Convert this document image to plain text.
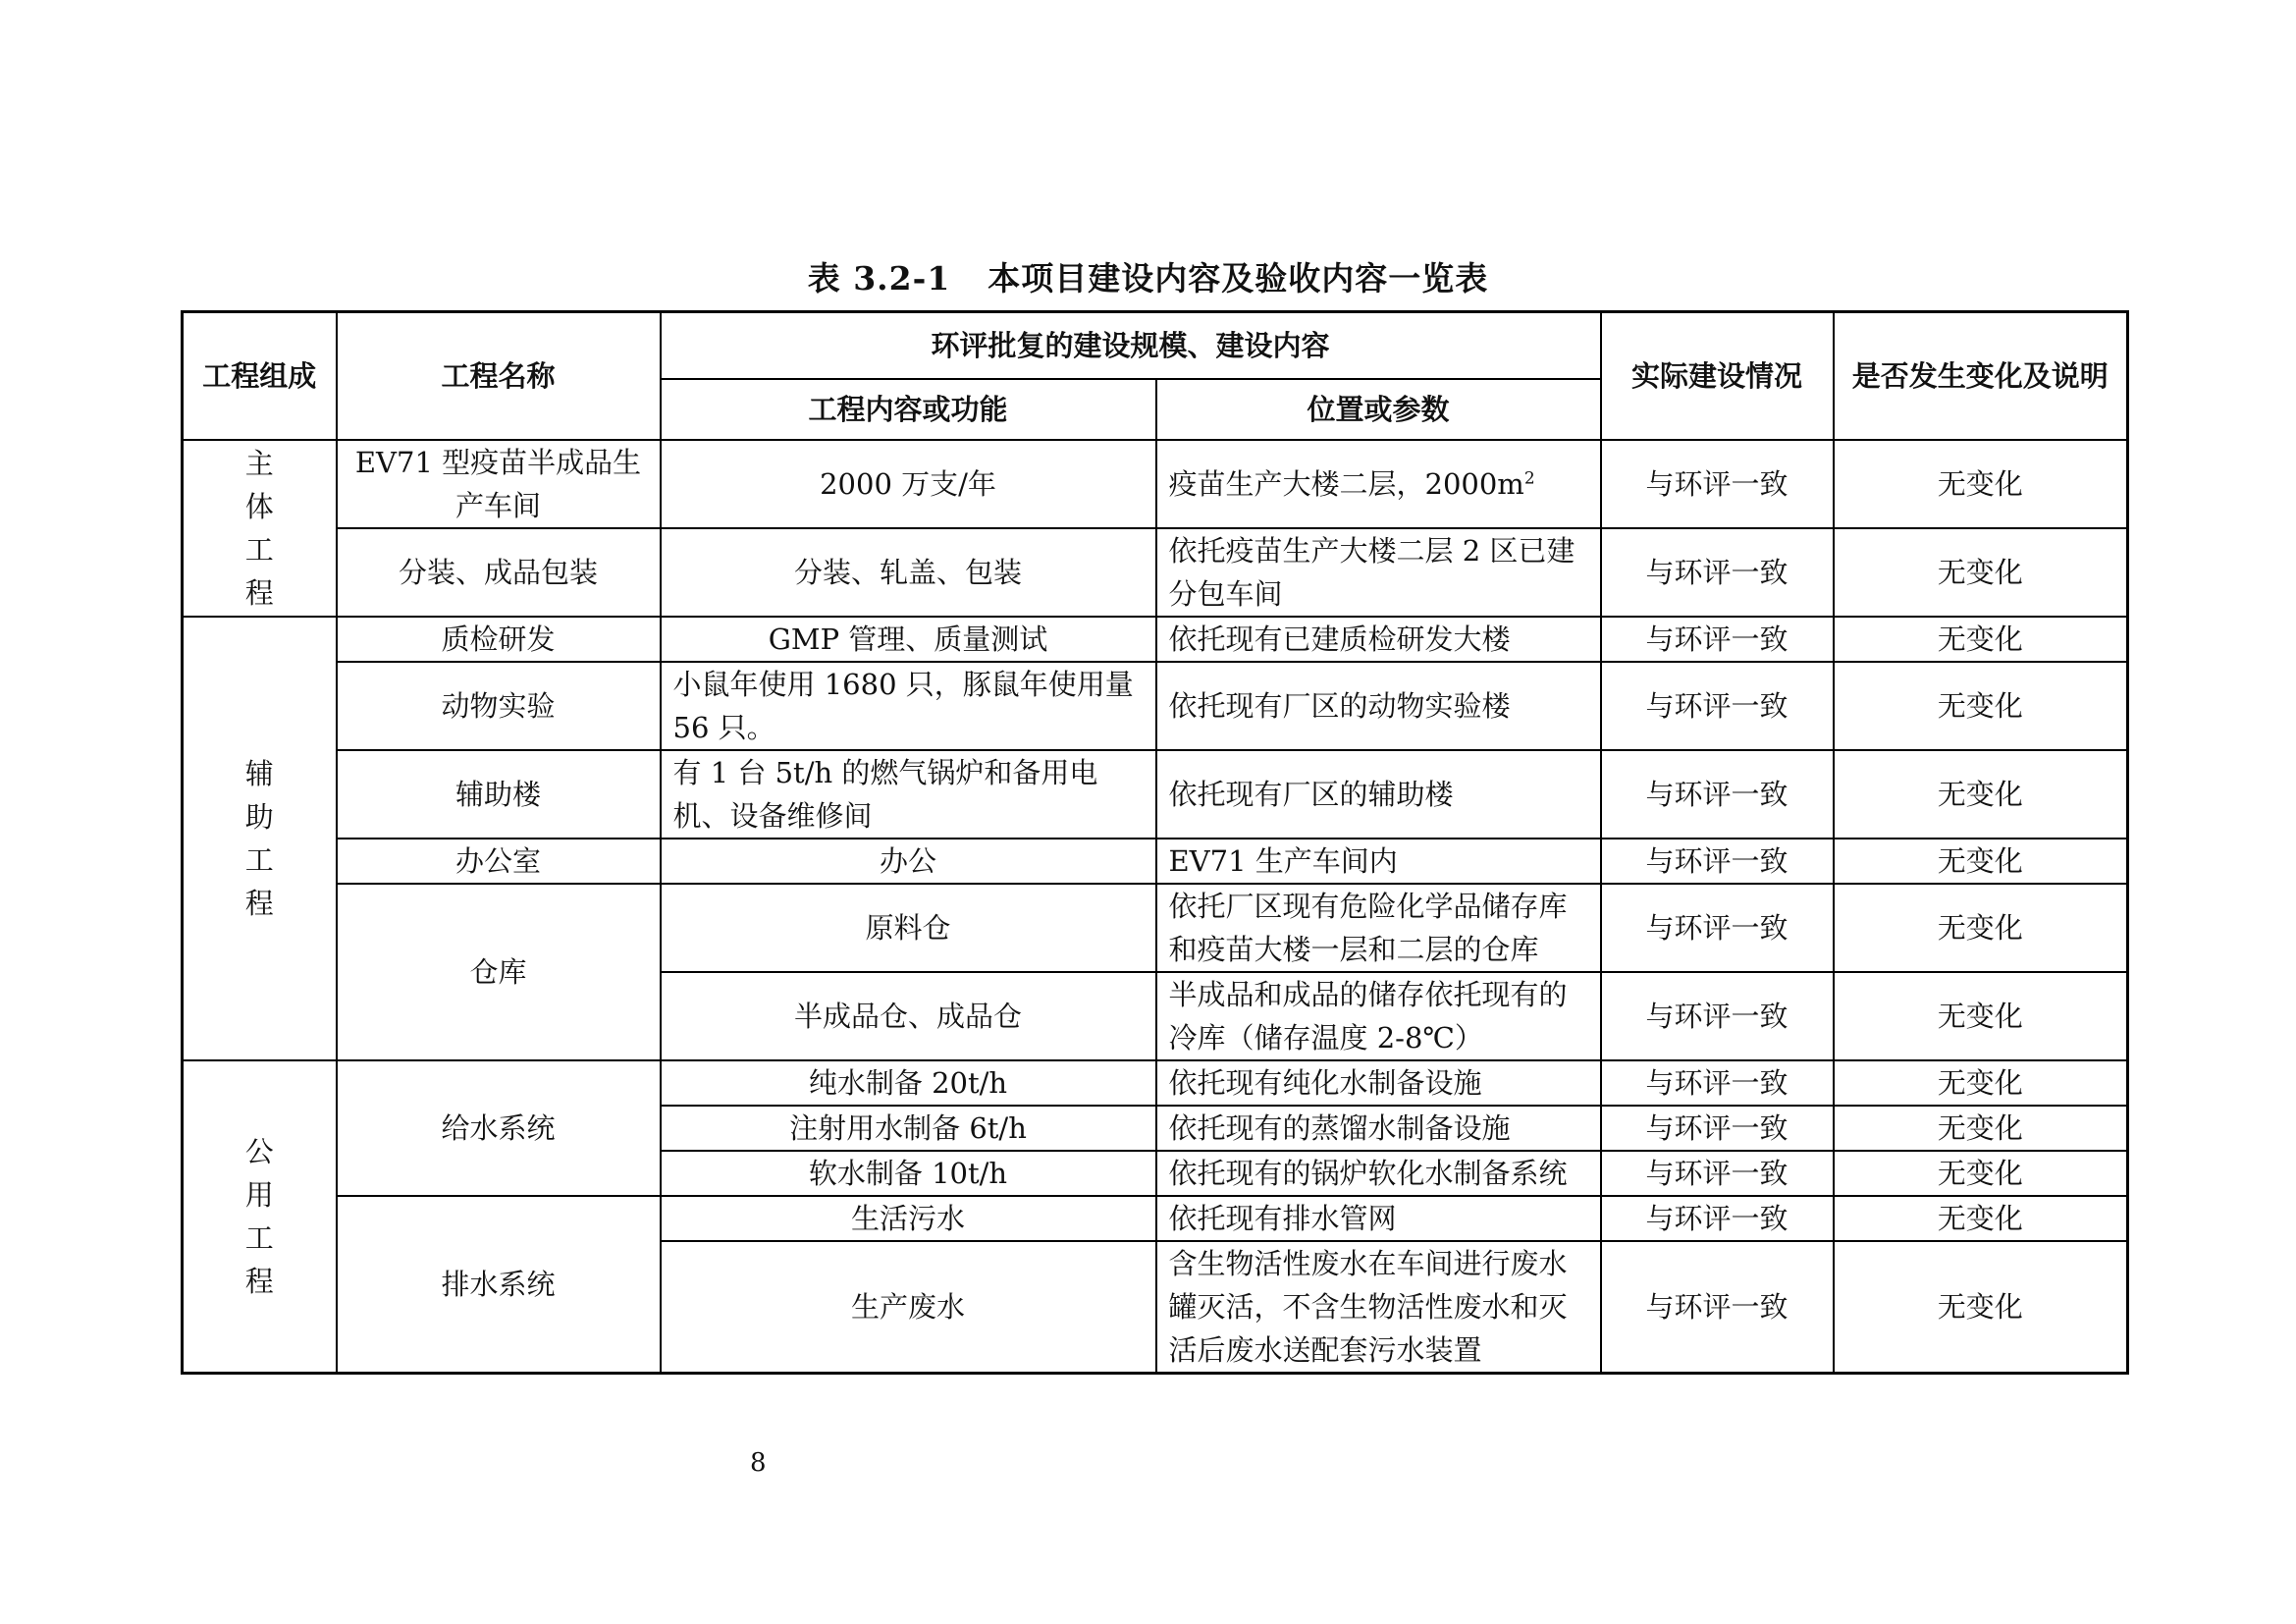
表 3.2-1 本项目建设内容及验收内容一览表
工程组成	工程名称	环评批复的建设规模、建设内容		实际建设情况	是否发生变化及说明
		工程内容或功能	位置或参数		

主
体
工
程	EV71 型疫苗半成品生产车间	2000 万支/年	疫苗生产大楼二层，$2000m^2$	与环评一致	无变化
	分装、成品包装	分装、轧盖、包装	依托疫苗生产大楼二层 2 区已建分包车间	与环评一致	无变化

辅
助
工
程	质检研发	GMP 管理、质量测试	依托现有已建质检研发大楼	与环评一致	无变化
	动物实验	小鼠年使用 1680 只，豚鼠年使用量 56 只。	依托现有厂区的动物实验楼	与环评一致	无变化
	辅助楼	有 1 台 5t/h 的燃气锅炉和备用电机、设备维修间	依托现有厂区的辅助楼	与环评一致	无变化
	办公室	办公	EV71 生产车间内	与环评一致	无变化
	仓库	原料仓	依托厂区现有危险化学品储存库和疫苗大楼一层和二层的仓库	与环评一致	无变化
		半成品仓、成品仓	半成品和成品的储存依托现有的冷库（储存温度 2-8℃）	与环评一致	无变化

公
用
工
程	给水系统	纯水制备 20t/h	依托现有纯化水制备设施	与环评一致	无变化
		注射用水制备 6t/h	依托现有的蒸馏水制备设施	与环评一致	无变化
		软水制备 10t/h	依托现有的锅炉软化水制备系统	与环评一致	无变化
	排水系统	生活污水	依托现有排水管网	与环评一致	无变化
		生产废水	含生物活性废水在车间进行废水罐灭活，不含生物活性废水和灭活后废水送配套污水装置	与环评一致	无变化
8
